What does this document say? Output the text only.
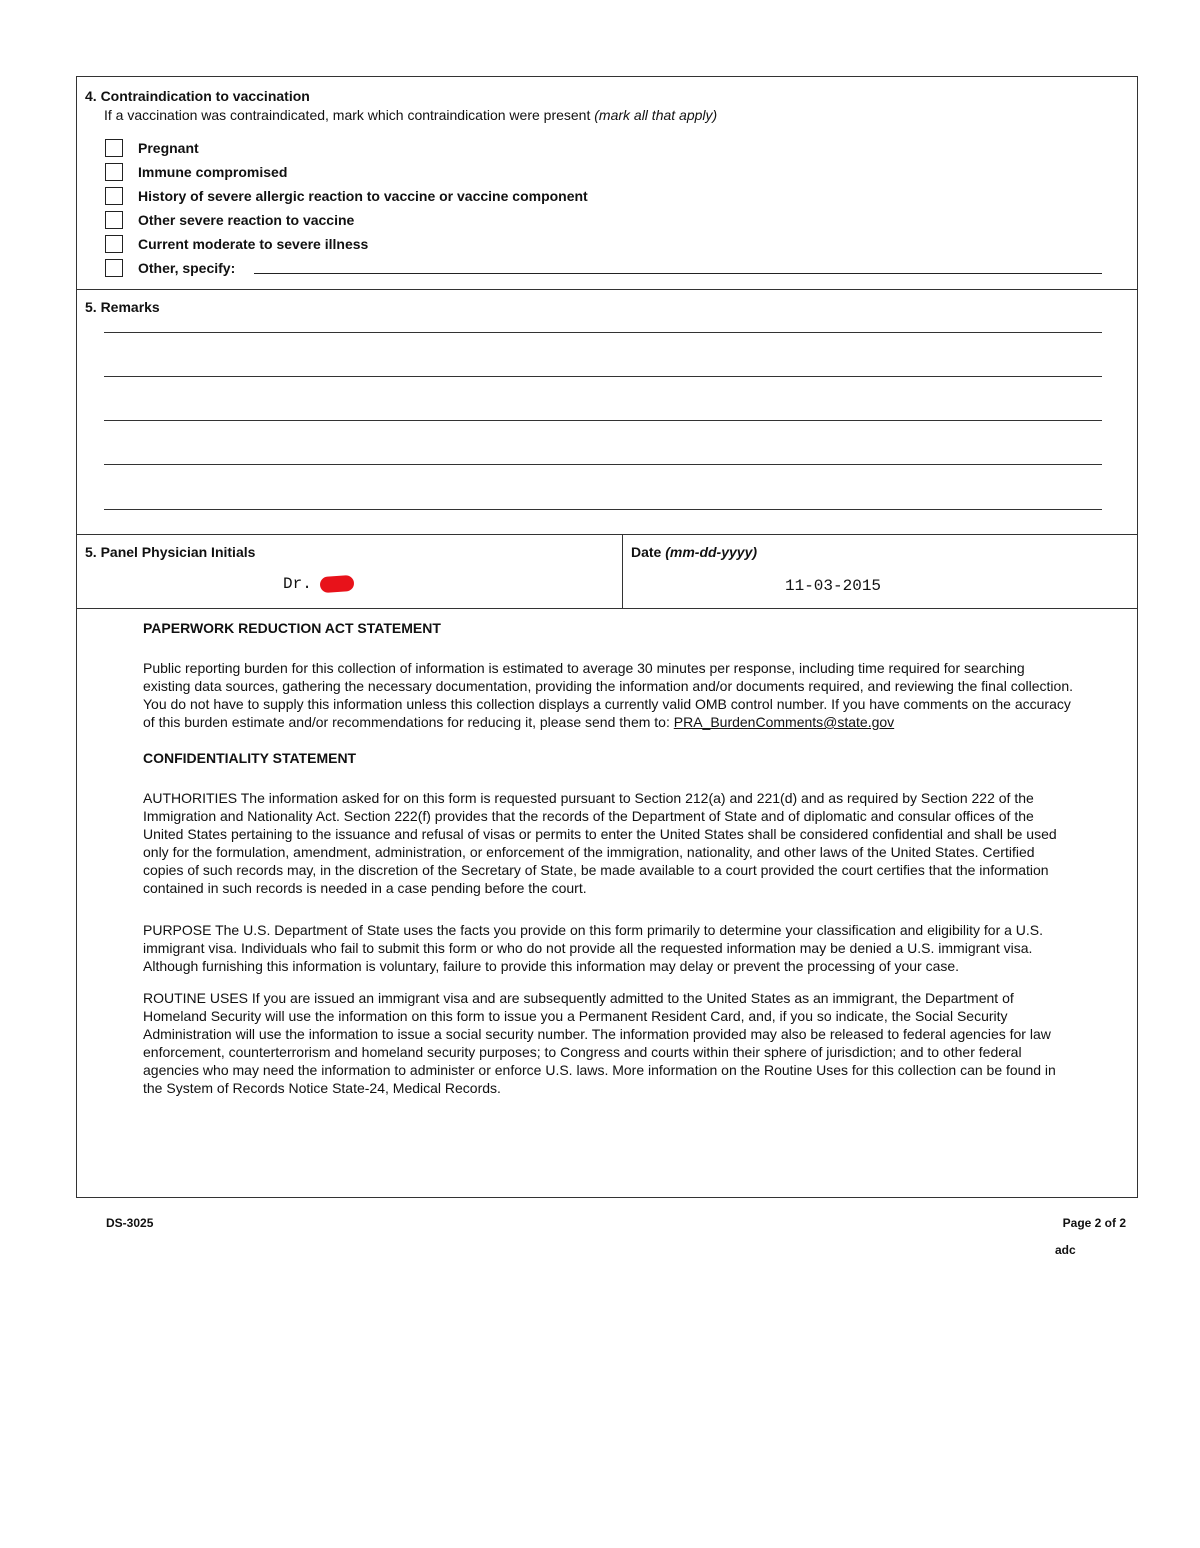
4. Contraindication to vaccination
If a vaccination was contraindicated, mark which contraindication were present (mark all that apply)
Pregnant
Immune compromised
History of severe allergic reaction to vaccine or vaccine component
Other severe reaction to vaccine
Current moderate to severe illness
Other, specify:
5. Remarks
5. Panel Physician Initials
Dr.
Date (mm-dd-yyyy)
11-03-2015

PAPERWORK REDUCTION ACT STATEMENT

Public reporting burden for this collection of information is estimated to average 30 minutes per response, including time required for searching existing data sources, gathering the necessary documentation, providing the information and/or documents required, and reviewing the final collection. You do not have to supply this information unless this collection displays a currently valid OMB control number. If you have comments on the accuracy of this burden estimate and/or recommendations for reducing it, please send them to: PRA_BurdenComments@state.gov

CONFIDENTIALITY STATEMENT

AUTHORITIES The information asked for on this form is requested pursuant to Section 212(a) and 221(d) and as required by Section 222 of the Immigration and Nationality Act. Section 222(f) provides that the records of the Department of State and of diplomatic and consular offices of the United States pertaining to the issuance and refusal of visas or permits to enter the United States shall be considered confidential and shall be used only for the formulation, amendment, administration, or enforcement of the immigration, nationality, and other laws of the United States. Certified copies of such records may, in the discretion of the Secretary of State, be made available to a court provided the court certifies that the information contained in such records is needed in a case pending before the court.

PURPOSE The U.S. Department of State uses the facts you provide on this form primarily to determine your classification and eligibility for a U.S. immigrant visa. Individuals who fail to submit this form or who do not provide all the requested information may be denied a U.S. immigrant visa. Although furnishing this information is voluntary, failure to provide this information may delay or prevent the processing of your case.

ROUTINE USES If you are issued an immigrant visa and are subsequently admitted to the United States as an immigrant, the Department of Homeland Security will use the information on this form to issue you a Permanent Resident Card, and, if you so indicate, the Social Security Administration will use the information to issue a social security number. The information provided may also be released to federal agencies for law enforcement, counterterrorism and homeland security purposes; to Congress and courts within their sphere of jurisdiction; and to other federal agencies who may need the information to administer or enforce U.S. laws. More information on the Routine Uses for this collection can be found in the System of Records Notice State-24, Medical Records.

DS-3025	Page 2 of 2
adc
